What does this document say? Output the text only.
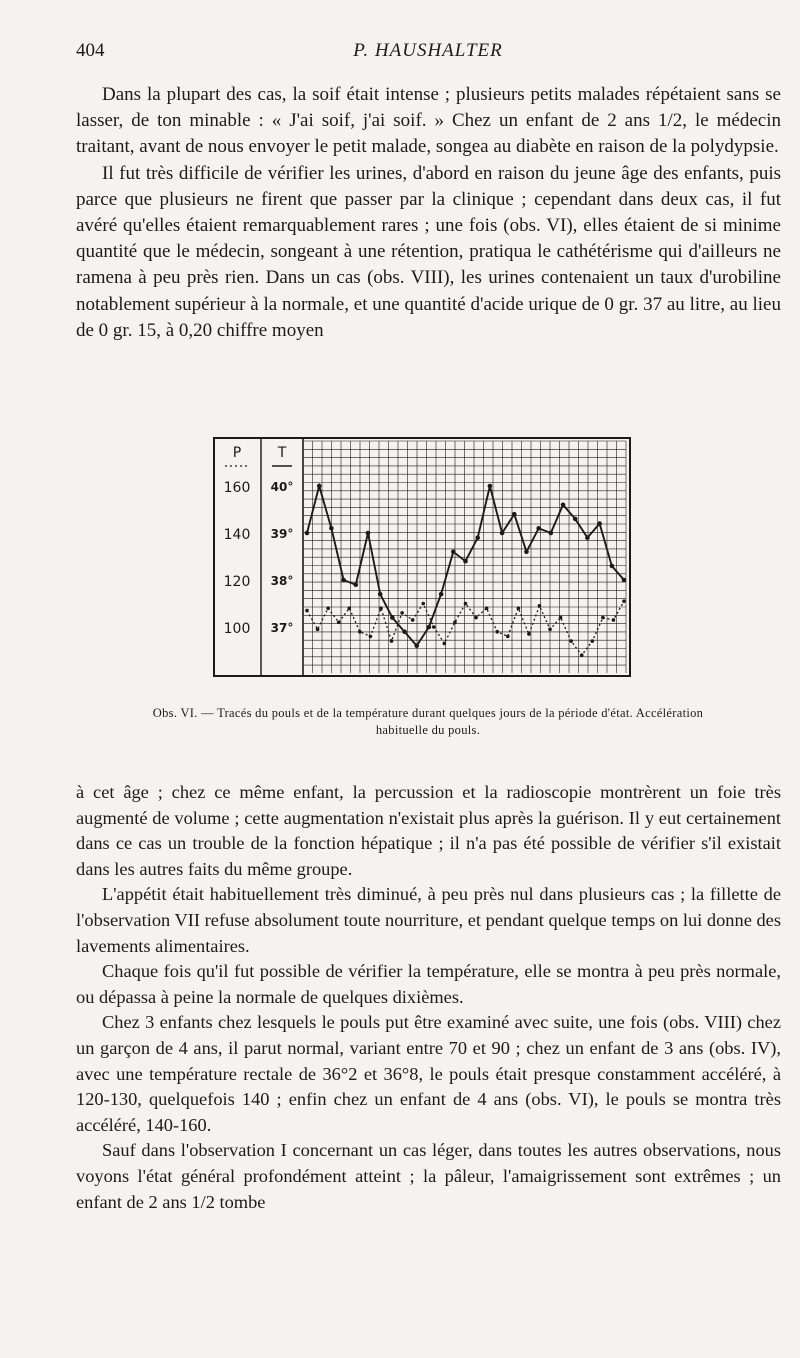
404	P. HAUSHALTER

Dans la plupart des cas, la soif était intense ; plusieurs petits malades répétaient sans se lasser, de ton minable : « J'ai soif, j'ai soif. » Chez un enfant de 2 ans 1/2, le médecin traitant, avant de nous envoyer le petit malade, songea au diabète en raison de la polydypsie.

Il fut très difficile de vérifier les urines, d'abord en raison du jeune âge des enfants, puis parce que plusieurs ne firent que passer par la clinique ; cependant dans deux cas, il fut avéré qu'elles étaient remarquablement rares ; une fois (obs. VI), elles étaient de si minime quantité que le médecin, songeant à une rétention, pratiqua le cathétérisme qui d'ailleurs ne ramena à peu près rien. Dans un cas (obs. VIII), les urines contenaient un taux d'urobiline notablement supérieur à la normale, et une quantité d'acide urique de 0 gr. 37 au litre, au lieu de 0 gr. 15, à 0,20 chiffre moyen

P	T
160
140
120
100
40°
39°
38°
37°
Obs. VI. — Tracés du pouls et de la température durant quelques jours de la période d'état. Accélération
habituelle du pouls.

à cet âge ; chez ce même enfant, la percussion et la radioscopie montrèrent un foie très augmenté de volume ; cette augmentation n'existait plus après la guérison. Il y eut certainement dans ce cas un trouble de la fonction hépatique ; il n'a pas été possible de vérifier s'il existait dans les autres faits du même groupe.

L'appétit était habituellement très diminué, à peu près nul dans plusieurs cas ; la fillette de l'observation VII refuse absolument toute nourriture, et pendant quelque temps on lui donne des lavements alimentaires.

Chaque fois qu'il fut possible de vérifier la température, elle se montra à peu près normale, ou dépassa à peine la normale de quelques dixièmes.

Chez 3 enfants chez lesquels le pouls put être examiné avec suite, une fois (obs. VIII) chez un garçon de 4 ans, il parut normal, variant entre 70 et 90 ; chez un enfant de 3 ans (obs. IV), avec une température rectale de 36°2 et 36°8, le pouls était presque constamment accéléré, à 120-130, quelquefois 140 ; enfin chez un enfant de 4 ans (obs. VI), le pouls se montra très accéléré, 140-160.

Sauf dans l'observation I concernant un cas léger, dans toutes les autres observations, nous voyons l'état général profondément atteint ; la pâleur, l'amaigrissement sont extrêmes ; un enfant de 2 ans 1/2 tombe
